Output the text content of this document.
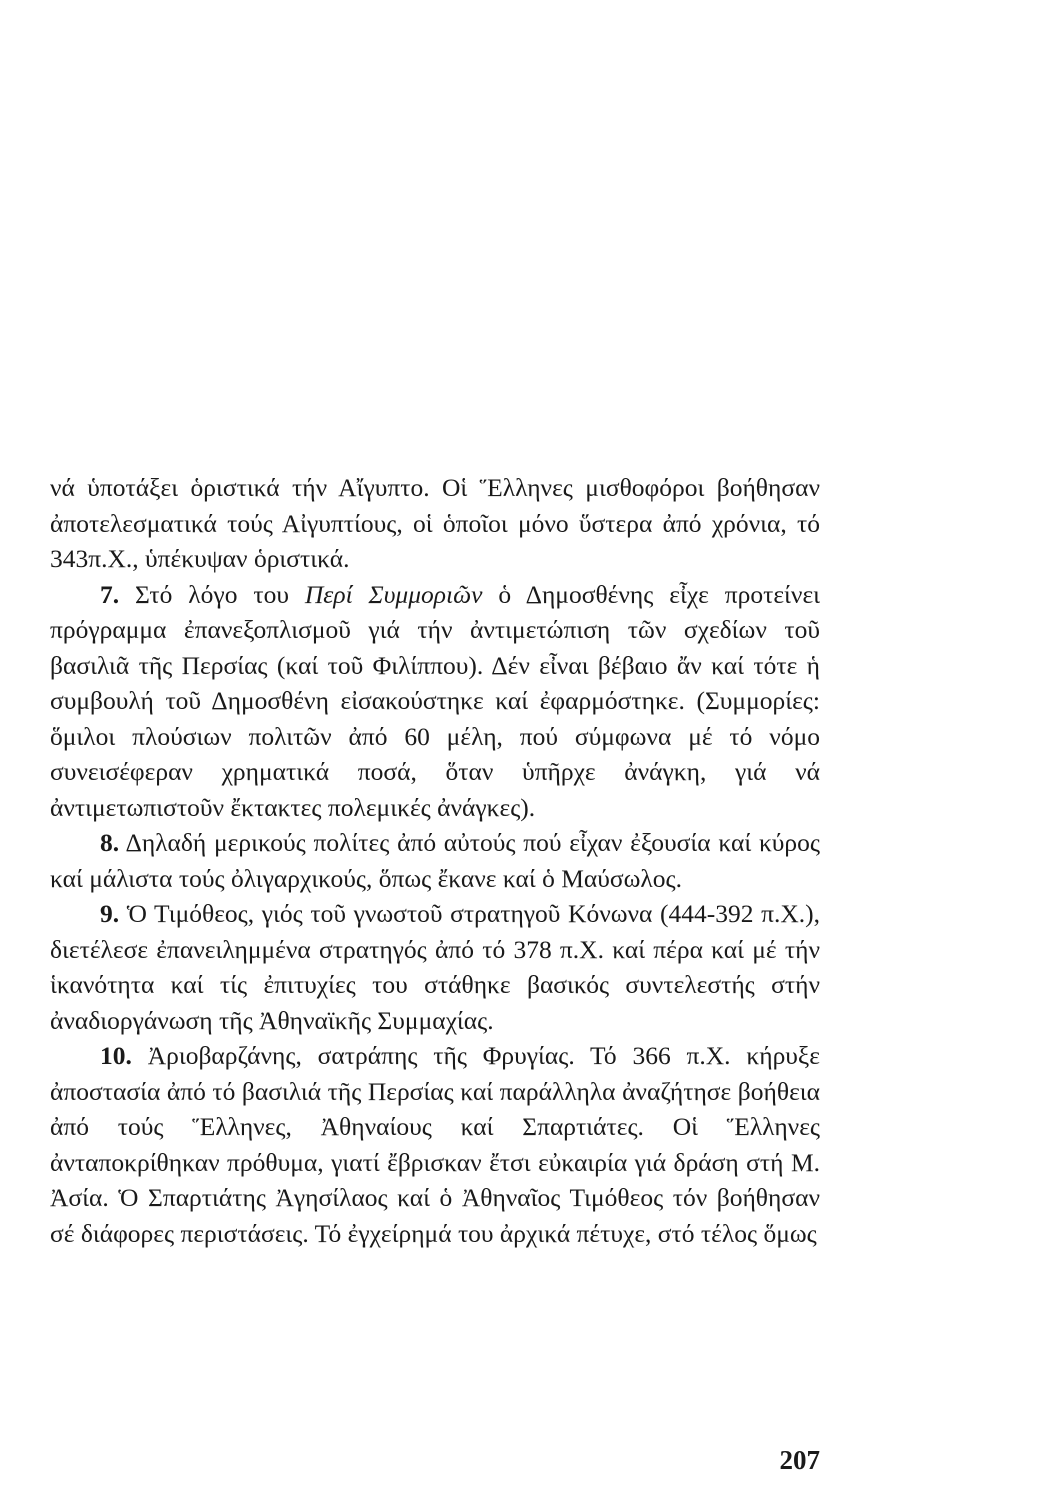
νά ὑποτάξει ὁριστικά τήν Αἴγυπτο. Οἱ Ἕλληνες μισθοφόροι βοήθησαν ἀποτελεσματικά τούς Αἰγυπτίους, οἱ ὁποῖοι μόνο ὕστερα ἀπό χρόνια, τό 343π.Χ., ὑπέκυψαν ὁριστικά.

7. Στό λόγο του Περί Συμμοριῶν ὁ Δημοσθένης εἶχε προτείνει πρόγραμμα ἐπανεξοπλισμοῦ γιά τήν ἀντιμετώπιση τῶν σχεδίων τοῦ βασιλιᾶ τῆς Περσίας (καί τοῦ Φιλίππου). Δέν εἶναι βέβαιο ἄν καί τότε ἡ συμβουλή τοῦ Δημοσθένη εἰσακούστηκε καί ἐφαρμόστηκε. (Συμμορίες: ὅμιλοι πλούσιων πολιτῶν ἀπό 60 μέλη, πού σύμφωνα μέ τό νόμο συνεισέφεραν χρηματικά ποσά, ὅταν ὑπῆρχε ἀνάγκη, γιά νά ἀντιμετωπιστοῦν ἔκτακτες πολεμικές ἀνάγκες).

8. Δηλαδή μερικούς πολίτες ἀπό αὐτούς πού εἶχαν ἐξουσία καί κύρος καί μάλιστα τούς ὀλιγαρχικούς, ὅπως ἔκανε καί ὁ Μαύσωλος.

9. Ὁ Τιμόθεος, γιός τοῦ γνωστοῦ στρατηγοῦ Κόνωνα (444-392 π.Χ.), διετέλεσε ἐπανειλημμένα στρατηγός ἀπό τό 378 π.Χ. καί πέρα καί μέ τήν ἱκανότητα καί τίς ἐπιτυχίες του στάθηκε βασικός συντελεστής στήν ἀναδιοργάνωση τῆς Ἀθηναϊκῆς Συμμαχίας.

10. Ἀριοβαρζάνης, σατράπης τῆς Φρυγίας. Τό 366 π.Χ. κήρυξε ἀποστασία ἀπό τό βασιλιά τῆς Περσίας καί παράλληλα ἀναζήτησε βοήθεια ἀπό τούς Ἕλληνες, Ἀθηναίους καί Σπαρτιάτες. Οἱ Ἕλληνες ἀνταποκρίθηκαν πρόθυμα, γιατί ἔβρισκαν ἔτσι εὐκαιρία γιά δράση στή Μ. Ἀσία. Ὁ Σπαρτιάτης Ἀγησίλαος καί ὁ Ἀθηναῖος Τιμόθεος τόν βοήθησαν σέ διάφορες περιστάσεις. Τό ἐγχείρημά του ἀρχικά πέτυχε, στό τέλος ὅμως

207
